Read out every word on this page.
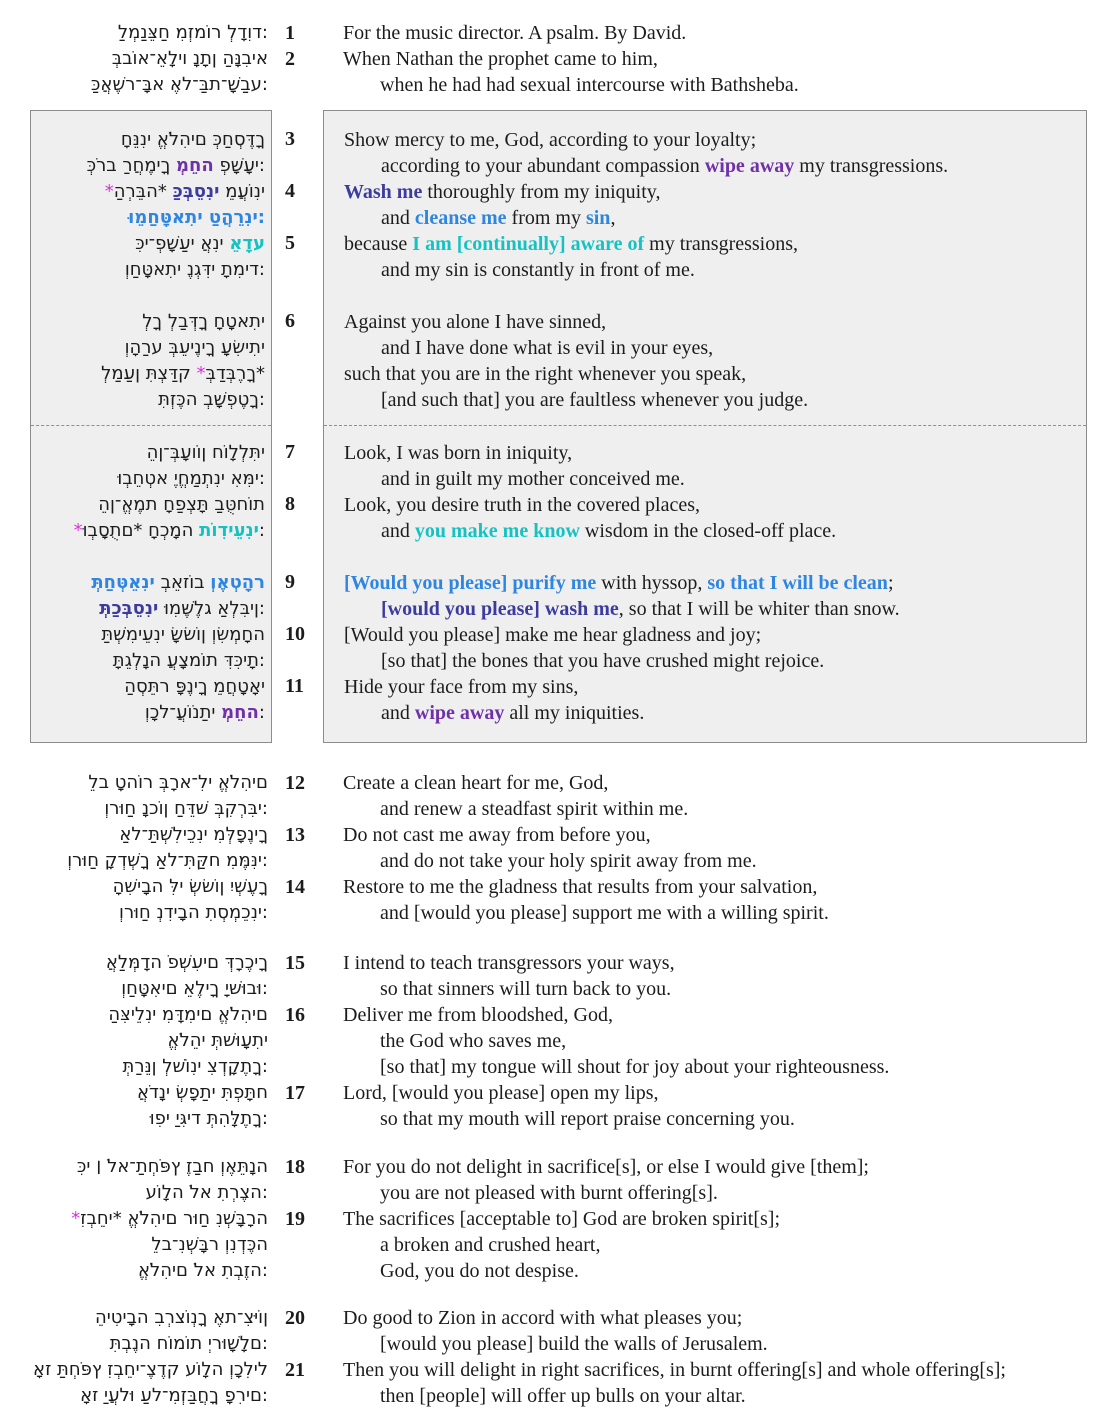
לַמְנַצֵּחַ מִזְמוֹר לְדָוִד:
בְּבוֹא־אֵלָיו נָתָן הַנָּבִיא
כַּאֲשֶׁר־בָּא אֶל־בַּת־שָׁבַע:
1
2
For the music director. A psalm. By David.
When Nathan the prophet came to him,
when he had had sexual intercourse with Bathsheba.
חָנֵּנִי אֱלֹהִים כְּחַסְדֶּךָ
כְּרֹב רַחֲמֶיךָ מְחֵה פְשָׁעָי:
*הַרְבֵּה* כַּבְּסֵנִי מֵעֲוֹנִי
וּמֵחַטָּאתִי טַהֲרֵנִי:
כִּי־פְשָׁעַי אֲנִי אֵדָע
וְחַטָּאתִי נֶגְדִּי תָמִיד:
לְךָ לְבַדְּךָ חָטָאתִי
וְהָרַע בְּעֵינֶיךָ עָשִׂיתִי
לְמַעַן תִּצְדַּק *בְּדַבְּרֶךָ*
תִּזְכֶּה בְשָׁפְטֶךָ:
הֵן־בְּעָווֹן חוֹלָלְתִּי
וּבְחֵטְא יֶחֱמַתְנִי אִמִּי:
הֵן־אֱמֶת חָפַצְתָּ בַטֻּחוֹת
*וּבְסָתֻם* חָכְמָה תוֹדִיעֵנִי:
תְּחַטְּאֵנִי בְאֵזוֹב וְאֶטְהָר
תְּכַבְּסֵנִי וּמִשֶּׁלֶג אַלְבִּין:
תַּשְׁמִיעֵנִי שָׂשׂוֹן וְשִׂמְחָה
תָּגֵלְנָה עֲצָמוֹת דִּכִּיתָ:
הַסְתֵּר פָּנֶיךָ מֵחֲטָאָי
וְכָל־עֲוֹנֹתַי מְחֵה:
3
4
5
6
7
8
9
10
11
Show mercy to me, God, according to your loyalty;
according to your abundant compassion wipe away my transgressions.
Wash me thoroughly from my iniquity,
and cleanse me from my sin,
because I am [continually] aware of my transgressions,
and my sin is constantly in front of me.
Against you alone I have sinned,
and I have done what is evil in your eyes,
such that you are in the right whenever you speak,
[and such that] you are faultless whenever you judge.
Look, I was born in iniquity,
and in guilt my mother conceived me.
Look, you desire truth in the covered places,
and you make me know wisdom in the closed-off place.
[Would you please] purify me with hyssop, so that I will be clean;
[would you please] wash me, so that I will be whiter than snow.
[Would you please] make me hear gladness and joy;
[so that] the bones that you have crushed might rejoice.
Hide your face from my sins,
and wipe away all my iniquities.
לֵב טָהוֹר בְּרָא־לִי אֱלֹהִים
וְרוּחַ נָכוֹן חַדֵּשׁ בְּקִרְבִּי:
אַל־תַּשְׁלִיכֵנִי מִלְּפָנֶיךָ
וְרוּחַ קָדְשְׁךָ אַל־תִּקַּח מִמֶּנִּי:
הָשִׁיבָה לִּי שְׂשׂוֹן יִשְׁעֶךָ
וְרוּחַ נְדִיבָה תִסְמְכֵנִי:
12
13
14
Create a clean heart for me, God,
and renew a steadfast spirit within me.
Do not cast me away from before you,
and do not take your holy spirit away from me.
Restore to me the gladness that results from your salvation,
and [would you please] support me with a willing spirit.
אֲלַמְּדָה פֹשְׁעִים דְּרָכֶיךָ
וְחַטָּאִים אֵלֶיךָ יָשׁוּבוּ:
הַצִּילֵנִי מִדָּמִים אֱלֹהִים
אֱלֹהֵי תְּשׁוּעָתִי
תְּרַנֵּן לְשׁוֹנִי צִדְקָתֶךָ:
אֲדֹנָי שְׂפָתַי תִּפְתָּח
וּפִי יַגִּיד תְּהִלָּתֶךָ:
15
16
17
I intend to teach transgressors your ways,
so that sinners will turn back to you.
Deliver me from bloodshed, God,
the God who saves me,
[so that] my tongue will shout for joy about your righteousness.
Lord, [would you please] open my lips,
so that my mouth will report praise concerning you.
כִּי ׀ לֹא־תַחְפֹּץ זֶבַח וְאֶתֵּנָה
עוֹלָה לֹא תִרְצֶה:
*זִבְחֵי* אֱלֹהִים רוּחַ נִשְׁבָּרָה
לֵב־נִשְׁבָּר וְנִדְכֶּה
אֱלֹהִים לֹא תִבְזֶה:
18
19
For you do not delight in sacrifice[s], or else I would give [them];
you are not pleased with burnt offering[s].
The sacrifices [acceptable to] God are broken spirit[s];
a broken and crushed heart,
God, you do not despise.
הֵיטִיבָה בִרְצוֹנְךָ אֶת־צִיּוֹן
תִּבְנֶה חוֹמוֹת יְרוּשָׁלָם:
אָז תַּחְפֹּץ זִבְחֵי־צֶדֶק עוֹלָה וְכָלִיל
אָז יַעֲלוּ עַל־מִזְבַּחֲךָ פָרִים:
20
21
Do good to Zion in accord with what pleases you;
[would you please] build the walls of Jerusalem.
Then you will delight in right sacrifices, in burnt offering[s] and whole offering[s];
then [people] will offer up bulls on your altar.
